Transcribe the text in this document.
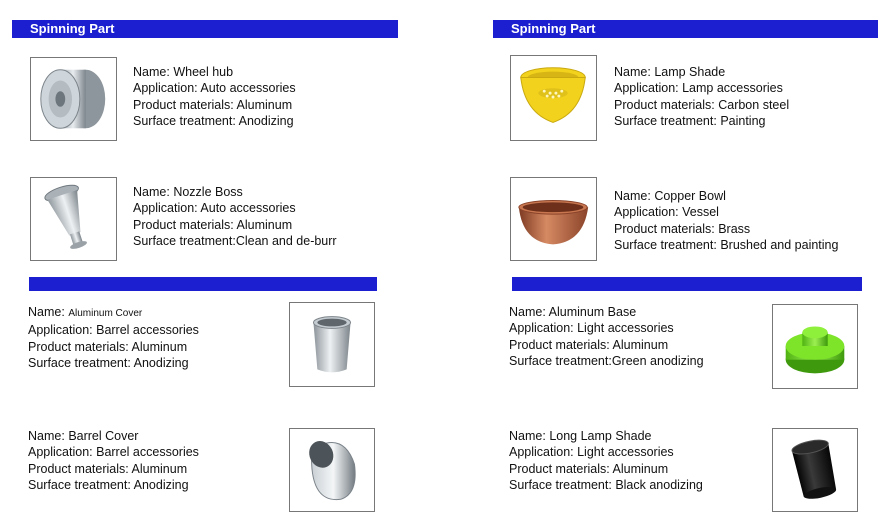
Spinning Part	Spinning Part
Name: Wheel hub
Application: Auto accessories
Product materials: Aluminum
Surface treatment: Anodizing
Name: Nozzle Boss
Application: Auto accessories
Product materials: Aluminum
Surface treatment:Clean and de-burr
Name: Lamp Shade
Application: Lamp accessories
Product materials: Carbon steel
Surface treatment: Painting
Name: Copper Bowl
Application: Vessel
Product materials: Brass
Surface treatment: Brushed and painting
Name: Aluminum Cover
Application: Barrel accessories
Product materials: Aluminum
Surface treatment: Anodizing
Name: Barrel Cover
Application: Barrel accessories
Product materials: Aluminum
Surface treatment: Anodizing
Name: Aluminum Base
Application: Light accessories
Product materials: Aluminum
Surface treatment:Green anodizing
Name: Long Lamp Shade
Application: Light accessories
Product materials: Aluminum
Surface treatment: Black anodizing
